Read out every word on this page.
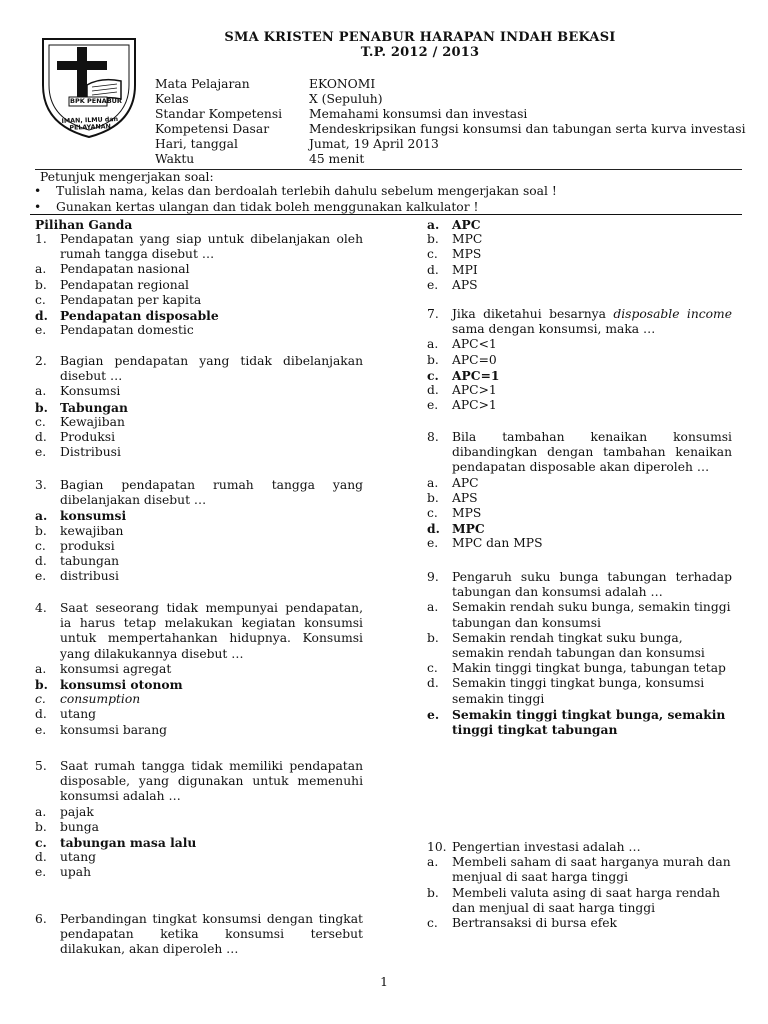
BPK PENABUR
IMAN, ILMU dan PELAYANAN
SMA KRISTEN PENABUR HARAPAN INDAH BEKASI
T.P. 2012 / 2013
Mata Pelajaran	EKONOMI
Kelas	X (Sepuluh)
Standar Kompetensi	Memahami konsumsi dan investasi
Kompetensi Dasar	Mendeskripsikan fungsi konsumsi dan tabungan serta kurva investasi
Hari, tanggal	Jumat, 19 April 2013
Waktu	45 menit
Petunjuk mengerjakan soal:
• Tulislah nama, kelas dan berdoalah terlebih dahulu sebelum mengerjakan soal !
• Gunakan kertas ulangan dan tidak boleh menggunakan kalkulator !
Pilihan Ganda
1.	Pendapatan yang siap untuk dibelanjakan oleh rumah tangga disebut …
a.	Pendapatan nasional
b.	Pendapatan regional
c.	Pendapatan per kapita
d. Pendapatan disposable
e.	Pendapatan domestic
2.	Bagian pendapatan yang tidak dibelanjakan disebut …
a.	Konsumsi
b. Tabungan
c.	Kewajiban
d.	Produksi
e.	Distribusi
3.	Bagian pendapatan rumah tangga yang dibelanjakan disebut …
a.	konsumsi
b.	kewajiban
c.	produksi
d.	tabungan
e.	distribusi
4.	Saat seseorang tidak mempunyai pendapatan, ia harus tetap melakukan kegiatan konsumsi untuk mempertahankan hidupnya. Konsumsi yang dilakukannya disebut …
a.	konsumsi agregat
b. konsumsi otonom
c.	consumption
d.	utang
e.	konsumsi barang
5.	Saat rumah tangga tidak memiliki pendapatan disposable, yang digunakan untuk memenuhi konsumsi adalah …
a.	pajak
b.	bunga
c.	tabungan masa lalu
d.	utang
e.	upah
a.	APC
b.	MPC
c.	MPS
d.	MPI
e.	APS
6.	Perbandingan tingkat konsumsi dengan tingkat pendapatan ketika konsumsi tersebut dilakukan, akan diperoleh …
7.	Jika diketahui besarnya disposable income sama dengan konsumsi, maka …
a.	APC<1
b.	APC=0
c.	APC=1
d.	APC>1
e.	APC>1
8.	Bila tambahan kenaikan konsumsi dibandingkan dengan tambahan kenaikan pendapatan disposable akan diperoleh …
a.	APC
b.	APS
c.	MPS
d. MPC
e.	MPC dan MPS
9.	Pengaruh suku bunga tabungan terhadap tabungan dan konsumsi adalah …
a.	Semakin rendah suku bunga, semakin tinggi tabungan dan konsumsi
b.	Semakin rendah tingkat suku bunga, semakin rendah tabungan dan konsumsi
c.	Makin tinggi tingkat bunga, tabungan tetap
d.	Semakin tinggi tingkat bunga, konsumsi semakin tinggi
e.	Semakin tinggi tingkat bunga, semakin tinggi tingkat tabungan
10. Pengertian investasi adalah …
a.	Membeli saham di saat harganya murah dan menjual di saat harga tinggi
b.	Membeli valuta asing di saat harga rendah dan menjual di saat harga tinggi
c.	Bertransaksi di bursa efek
1
